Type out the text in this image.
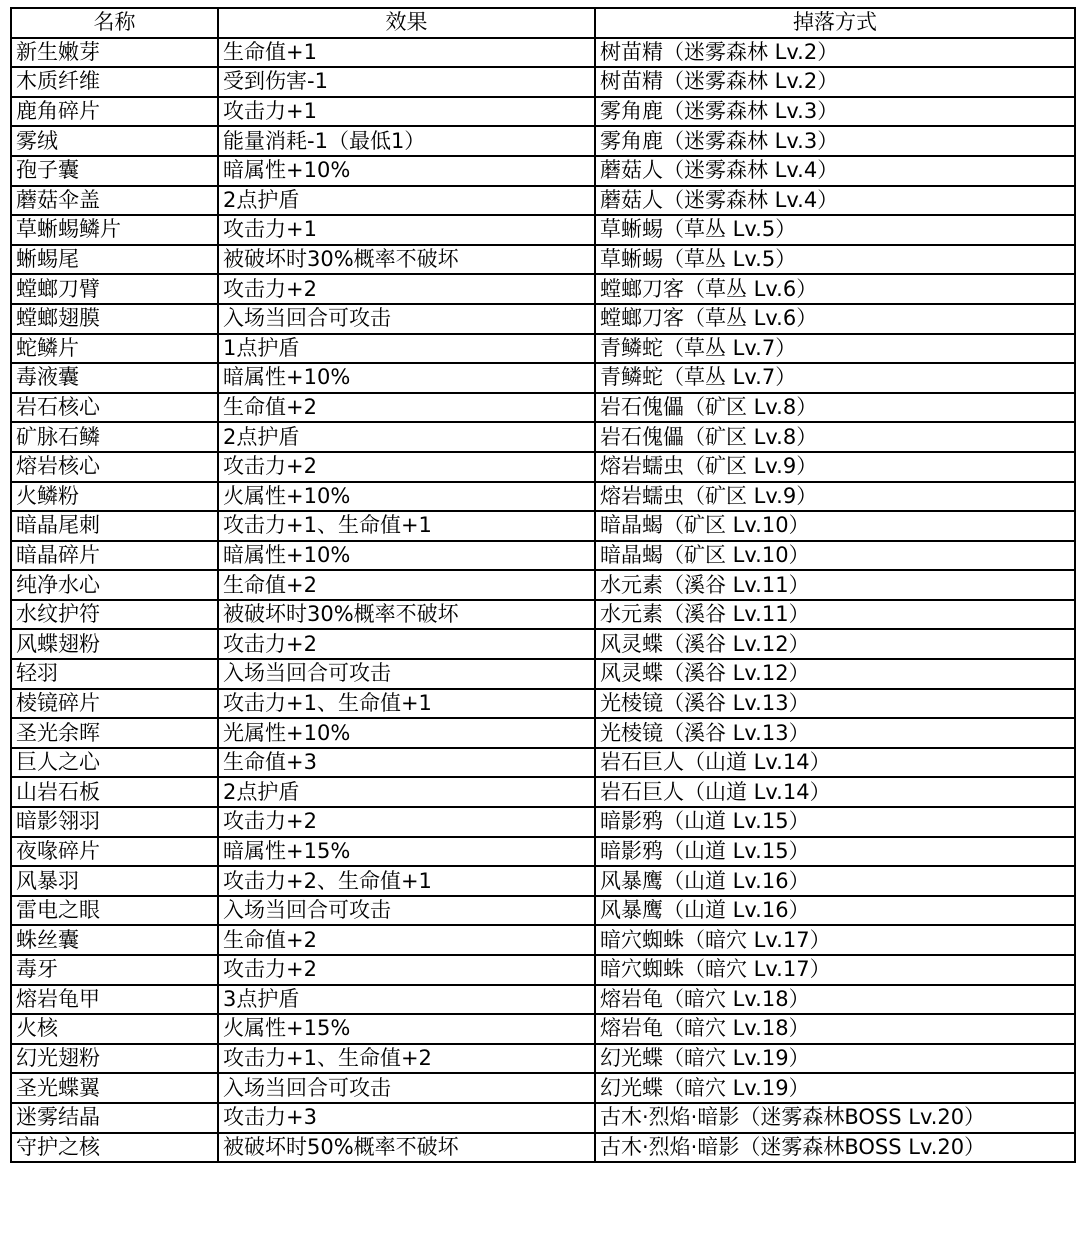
名称	效果	掉落方式
新生嫩芽	生命值+1	树苗精（迷雾森林 Lv.2）
木质纤维	受到伤害-1	树苗精（迷雾森林 Lv.2）
鹿角碎片	攻击力+1	雾角鹿（迷雾森林 Lv.3）
雾绒	能量消耗-1（最低1）	雾角鹿（迷雾森林 Lv.3）
孢子囊	暗属性+10%	蘑菇人（迷雾森林 Lv.4）
蘑菇伞盖	2点护盾	蘑菇人（迷雾森林 Lv.4）
草蜥蜴鳞片	攻击力+1	草蜥蜴（草丛 Lv.5）
蜥蜴尾	被破坏时30%概率不破坏	草蜥蜴（草丛 Lv.5）
螳螂刀臂	攻击力+2	螳螂刀客（草丛 Lv.6）
螳螂翅膜	入场当回合可攻击	螳螂刀客（草丛 Lv.6）
蛇鳞片	1点护盾	青鳞蛇（草丛 Lv.7）
毒液囊	暗属性+10%	青鳞蛇（草丛 Lv.7）
岩石核心	生命值+2	岩石傀儡（矿区 Lv.8）
矿脉石鳞	2点护盾	岩石傀儡（矿区 Lv.8）
熔岩核心	攻击力+2	熔岩蠕虫（矿区 Lv.9）
火鳞粉	火属性+10%	熔岩蠕虫（矿区 Lv.9）
暗晶尾刺	攻击力+1、生命值+1	暗晶蝎（矿区 Lv.10）
暗晶碎片	暗属性+10%	暗晶蝎（矿区 Lv.10）
纯净水心	生命值+2	水元素（溪谷 Lv.11）
水纹护符	被破坏时30%概率不破坏	水元素（溪谷 Lv.11）
风蝶翅粉	攻击力+2	风灵蝶（溪谷 Lv.12）
轻羽	入场当回合可攻击	风灵蝶（溪谷 Lv.12）
棱镜碎片	攻击力+1、生命值+1	光棱镜（溪谷 Lv.13）
圣光余晖	光属性+10%	光棱镜（溪谷 Lv.13）
巨人之心	生命值+3	岩石巨人（山道 Lv.14）
山岩石板	2点护盾	岩石巨人（山道 Lv.14）
暗影翎羽	攻击力+2	暗影鸦（山道 Lv.15）
夜喙碎片	暗属性+15%	暗影鸦（山道 Lv.15）
风暴羽	攻击力+2、生命值+1	风暴鹰（山道 Lv.16）
雷电之眼	入场当回合可攻击	风暴鹰（山道 Lv.16）
蛛丝囊	生命值+2	暗穴蜘蛛（暗穴 Lv.17）
毒牙	攻击力+2	暗穴蜘蛛（暗穴 Lv.17）
熔岩龟甲	3点护盾	熔岩龟（暗穴 Lv.18）
火核	火属性+15%	熔岩龟（暗穴 Lv.18）
幻光翅粉	攻击力+1、生命值+2	幻光蝶（暗穴 Lv.19）
圣光蝶翼	入场当回合可攻击	幻光蝶（暗穴 Lv.19）
迷雾结晶	攻击力+3	古木·烈焰·暗影（迷雾森林BOSS Lv.20）
守护之核	被破坏时50%概率不破坏	古木·烈焰·暗影（迷雾森林BOSS Lv.20）
